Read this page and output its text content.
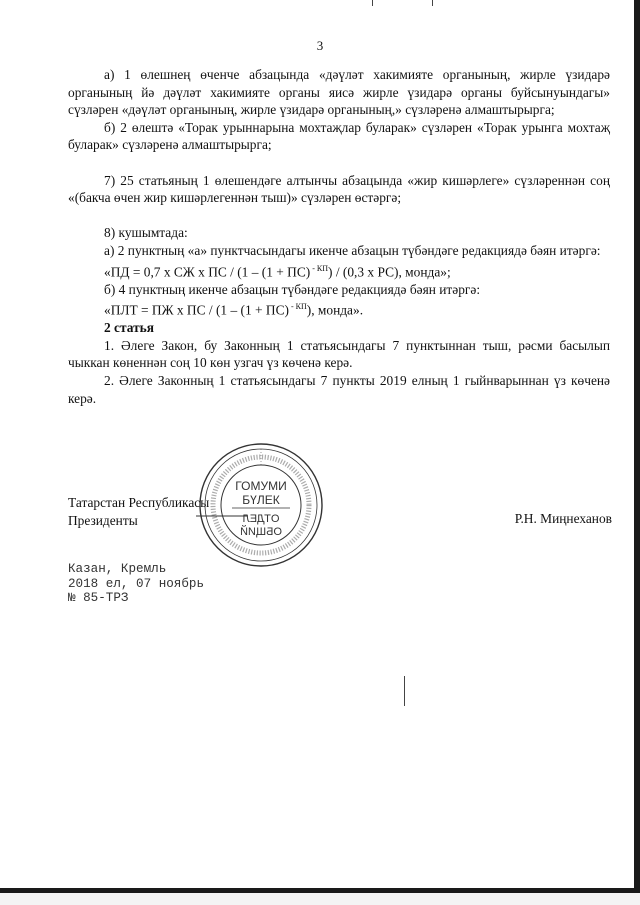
3

а) 1 өлешнең өченче абзацында «дәүләт хакимияте органының, жирле үзидарә органының йә дәүләт хакимияте органы яисә жирле үзидарә органы буйсынуындагы» сүзләрен «дәүләт органының, жирле үзидарә органының,» сүзләренә алмаштырырга;

б) 2 өлештә «Торак урыннарына мохтаҗлар буларак» сүзләрен «Торак урынга мохтаҗ буларак» сүзләренә алмаштырырга;

7) 25 статьяның 1 өлешендәге алтынчы абзацында «жир кишәрлеге» сүзләреннән соң «(бакча өчен жир кишәрлегеннән тыш)» сүзләрен өстәргә;

8) кушымтада:

а) 2 пунктның «а» пунктчасындагы икенче абзацын түбәндәге редакциядә бәян итәргә:

«ПД = 0,7 х СЖ х ПС / (1 – (1 + ПС) $^{- КП}$) / (0,3 х РС), монда»;

б) 4 пунктның икенче абзацын түбәндәге редакциядә бәян итәргә:

«ПЛТ = ПЖ х ПС / (1 – (1 + ПС) $^{- КП}$), монда».

2 статья

1. Әлеге Закон, бу Законның 1 статьясындагы 7 пунктыннан тыш, рәсми басылып чыккан көненнән соң 10 көн узгач үз көченә керә.

2. Әлеге Законның 1 статьясындагы 7 пункты 2019 елның 1 гыйнварыннан үз көченә керә.

Татарстан Республикасы
Президенты	Р.Н. Миңнеханов
ГОМУМИ
БҮЛЕК
ОТДЕЛ
ОБЩИЙ
Казан, Кремль
2018 ел, 07 ноябрь
№ 85-ТРЗ
